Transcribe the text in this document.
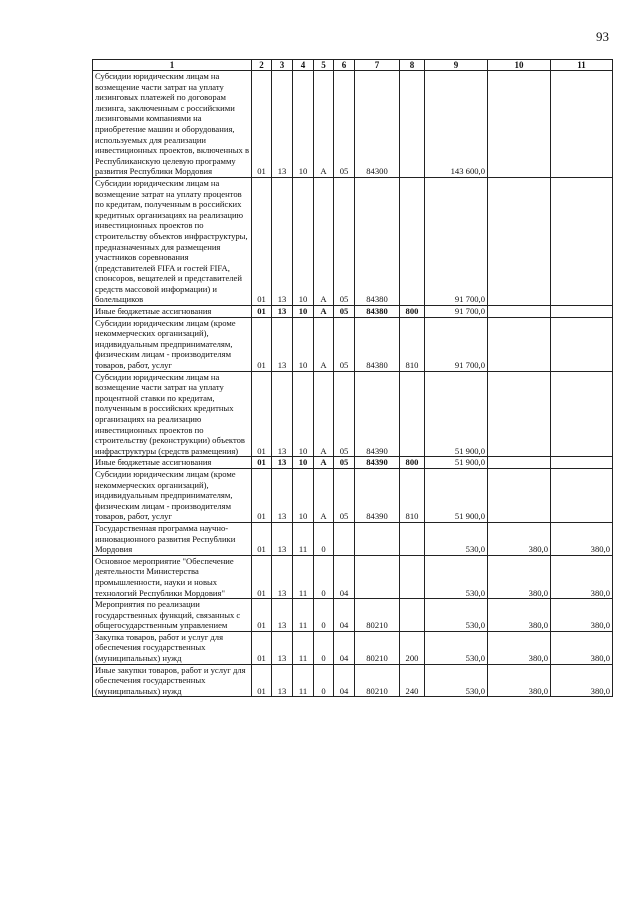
93
1	2	3	4	5	6	7	8	9	10	11
Субсидии юридическим лицам на возмещение части затрат на уплату лизинговых платежей по договорам лизинга, заключенным с российскими лизинговыми компаниями на приобретение машин и оборудования, используемых для реализации инвестиционных проектов, включенных в Республиканскую целевую программу развития Республики Мордовия	01	13	10	А	05	84300		143 600,0		
Субсидии юридическим лицам на возмещение затрат на уплату процентов по кредитам, полученным в российских кредитных организациях на реализацию инвестиционных проектов по строительству объектов инфраструктуры, предназначенных для размещения участников соревнования (представителей FIFA и гостей FIFA, спонсоров, вещателей и представителей средств массовой информации) и болельщиков	01	13	10	А	05	84380		91 700,0		
Иные бюджетные ассигнования	01	13	10	А	05	84380	800	91 700,0		
Субсидии юридическим лицам (кроме некоммерческих организаций), индивидуальным предпринимателям, физическим лицам - производителям товаров, работ, услуг	01	13	10	А	05	84380	810	91 700,0		
Субсидии юридическим лицам на возмещение части затрат на уплату процентной ставки по кредитам, полученным в российских кредитных организациях на реализацию инвестиционных проектов по строительству (реконструкции) объектов инфраструктуры (средств размещения)	01	13	10	А	05	84390		51 900,0		
Иные бюджетные ассигнования	01	13	10	А	05	84390	800	51 900,0		
Субсидии юридическим лицам (кроме некоммерческих организаций), индивидуальным предпринимателям, физическим лицам - производителям товаров, работ, услуг	01	13	10	А	05	84390	810	51 900,0		
Государственная программа научно-инновационного развития Республики Мордовия	01	13	11	0				530,0	380,0	380,0
Основное мероприятие "Обеспечение деятельности Министерства промышленности, науки и новых технологий Республики Мордовия"	01	13	11	0	04			530,0	380,0	380,0
Мероприятия по реализации государственных функций, связанных с общегосударственным управлением	01	13	11	0	04	80210		530,0	380,0	380,0
Закупка товаров, работ и услуг для обеспечения государственных (муниципальных) нужд	01	13	11	0	04	80210	200	530,0	380,0	380,0
Иные закупки товаров, работ и услуг для обеспечения государственных (муниципальных) нужд	01	13	11	0	04	80210	240	530,0	380,0	380,0
